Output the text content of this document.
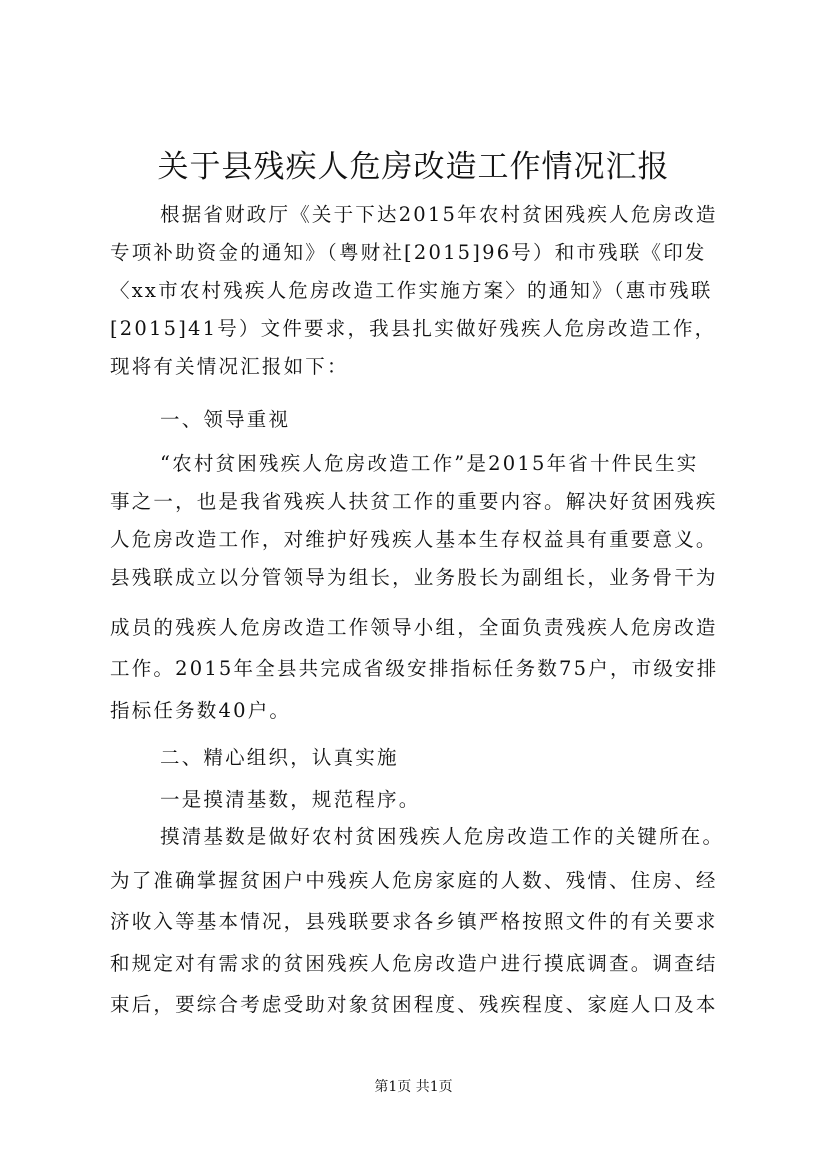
关于县残疾人危房改造工作情况汇报
根据省财政厅《关于下达2015年农村贫困残疾人危房改造
专项补助资金的通知》（粤财社[2015]96号）和市残联《印发
〈xx市农村残疾人危房改造工作实施方案〉的通知》（惠市残联
[2015]41号）文件要求，我县扎实做好残疾人危房改造工作，
现将有关情况汇报如下：
一、领导重视
“农村贫困残疾人危房改造工作”是2015年省十件民生实
事之一，也是我省残疾人扶贫工作的重要内容。解决好贫困残疾
人危房改造工作，对维护好残疾人基本生存权益具有重要意义。
县残联成立以分管领导为组长，业务股长为副组长，业务骨干为
成员的残疾人危房改造工作领导小组，全面负责残疾人危房改造
工作。2015年全县共完成省级安排指标任务数75户，市级安排
指标任务数40户。
二、精心组织，认真实施
一是摸清基数，规范程序。
摸清基数是做好农村贫困残疾人危房改造工作的关键所在。
为了准确掌握贫困户中残疾人危房家庭的人数、残情、住房、经
济收入等基本情况，县残联要求各乡镇严格按照文件的有关要求
和规定对有需求的贫困残疾人危房改造户进行摸底调查。调查结
束后，要综合考虑受助对象贫困程度、残疾程度、家庭人口及本
第1页 共1页
